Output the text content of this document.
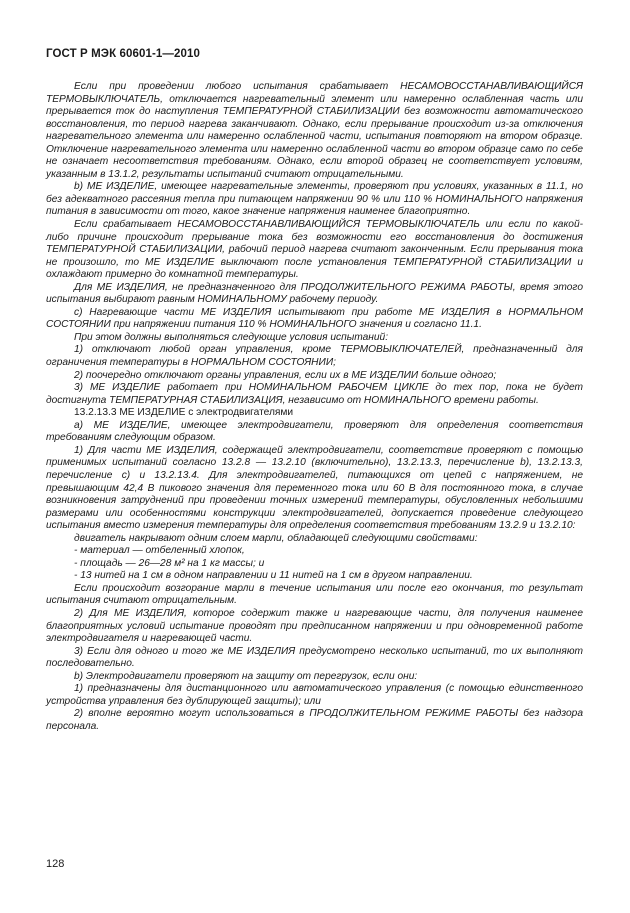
ГОСТ Р МЭК 60601-1—2010

Если при проведении любого испытания срабатывает НЕСАМОВОССТАНАВЛИВАЮЩИЙСЯ ТЕРМОВЫКЛЮЧАТЕЛЬ, отключается нагревательный элемент или намеренно ослабленная часть или прерывается ток до наступления ТЕМПЕРАТУРНОЙ СТАБИЛИЗАЦИИ без возможности автоматического восстановления, то период нагрева заканчивают. Однако, если прерывание происходит из-за отключения нагревательного элемента или намеренно ослабленной части, испытания повторяют на втором образце. Отключение нагревательного элемента или намеренно ослабленной части во втором образце само по себе не означает несоответствия требованиям. Однако, если второй образец не соответствует условиям, указанным в 13.1.2, результаты испытаний считают отрицательными.

b) МЕ ИЗДЕЛИЕ, имеющее нагревательные элементы, проверяют при условиях, указанных в 11.1, но без адекватного рассеяния тепла при питающем напряжении 90 % или 110 % НОМИНАЛЬНОГО напряжения питания в зависимости от того, какое значение напряжения наименее благоприятно.

Если срабатывает НЕСАМОВОССТАНАВЛИВАЮЩИЙСЯ ТЕРМОВЫКЛЮЧАТЕЛЬ или если по какой-либо причине происходит прерывание тока без возможности его восстановления до достижения ТЕМПЕРАТУРНОЙ СТАБИЛИЗАЦИИ, рабочий период нагрева считают законченным. Если прерывания тока не произошло, то МЕ ИЗДЕЛИЕ выключают после установления ТЕМПЕРАТУРНОЙ СТАБИЛИЗАЦИИ и охлаждают примерно до комнатной температуры.

Для МЕ ИЗДЕЛИЯ, не предназначенного для ПРОДОЛЖИТЕЛЬНОГО РЕЖИМА РАБОТЫ, время этого испытания выбирают равным НОМИНАЛЬНОМУ рабочему периоду.

c) Нагревающие части МЕ ИЗДЕЛИЯ испытывают при работе МЕ ИЗДЕЛИЯ в НОРМАЛЬНОМ СОСТОЯНИИ при напряжении питания 110 % НОМИНАЛЬНОГО значения и согласно 11.1.

При этом должны выполняться следующие условия испытаний:

1) отключают любой орган управления, кроме ТЕРМОВЫКЛЮЧАТЕЛЕЙ, предназначенный для ограничения температуры в НОРМАЛЬНОМ СОСТОЯНИИ;

2) поочередно отключают органы управления, если их в МЕ ИЗДЕЛИИ больше одного;

3) МЕ ИЗДЕЛИЕ работает при НОМИНАЛЬНОМ РАБОЧЕМ ЦИКЛЕ до тех пор, пока не будет достигнута ТЕМПЕРАТУРНАЯ СТАБИЛИЗАЦИЯ, независимо от НОМИНАЛЬНОГО времени работы.

13.2.13.3 МЕ ИЗДЕЛИЕ с электродвигателями

а) МЕ ИЗДЕЛИЕ, имеющее электродвигатели, проверяют для определения соответствия требованиям следующим образом.

1) Для части МЕ ИЗДЕЛИЯ, содержащей электродвигатели, соответствие проверяют с помощью применимых испытаний согласно 13.2.8 — 13.2.10 (включительно), 13.2.13.3, перечисление b), 13.2.13.3, перечисление c) и 13.2.13.4. Для электродвигателей, питающихся от цепей с напряжением, не превышающим 42,4 В пикового значения для переменного тока или 60 В для постоянного тока, в случае возникновения затруднений при проведении точных измерений температуры, обусловленных небольшими размерами или особенностями конструкции электродвигателей, допускается проведение следующего испытания вместо измерения температуры для определения соответствия требованиям 13.2.9 и 13.2.10:

двигатель накрывают одним слоем марли, обладающей следующими свойствами:

- материал — отбеленный хлопок,

- площадь — 26—28 м² на 1 кг массы; и

- 13 нитей на 1 см в одном направлении и 11 нитей на 1 см в другом направлении.

Если происходит возгорание марли в течение испытания или после его окончания, то результат испытания считают отрицательным.

2) Для МЕ ИЗДЕЛИЯ, которое содержит также и нагревающие части, для получения наименее благоприятных условий испытание проводят при предписанном напряжении и при одновременной работе электродвигателя и нагревающей части.

3) Если для одного и того же МЕ ИЗДЕЛИЯ предусмотрено несколько испытаний, то их выполняют последовательно.

b) Электродвигатели проверяют на защиту от перегрузок, если они:

1) предназначены для дистанционного или автоматического управления (с помощью единственного устройства управления без дублирующей защиты); или

2) вполне вероятно могут использоваться в ПРОДОЛЖИТЕЛЬНОМ РЕЖИМЕ РАБОТЫ без надзора персонала.

128
